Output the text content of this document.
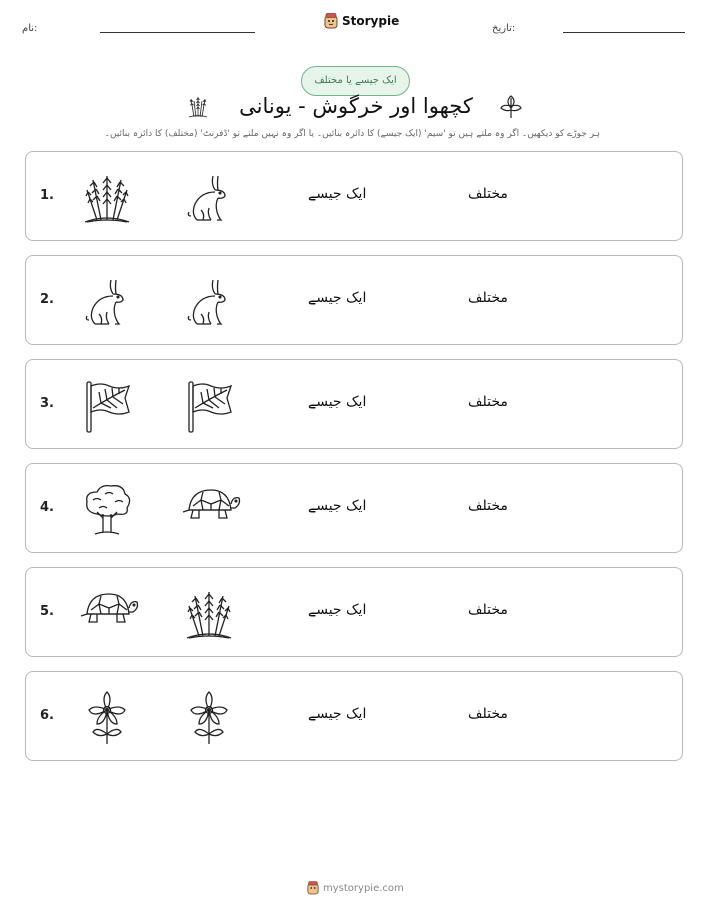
نام:
Storypie
تاریخ:
ایک جیسے یا مختلف
کچھوا اور خرگوش - یونانی
ہر جوڑے کو دیکھیں۔ اگر وہ ملتے ہیں تو 'سیم' (ایک جیسے) کا دائرہ بنائیں۔ یا اگر وہ نہیں ملتے تو 'ڈفرنٹ' (مختلف) کا دائرہ بنائیں۔
1.	ایک جیسے	مختلف
2.	ایک جیسے	مختلف
3.	ایک جیسے	مختلف
4.	ایک جیسے	مختلف
5.	ایک جیسے	مختلف
6.	ایک جیسے	مختلف
mystorypie.com
